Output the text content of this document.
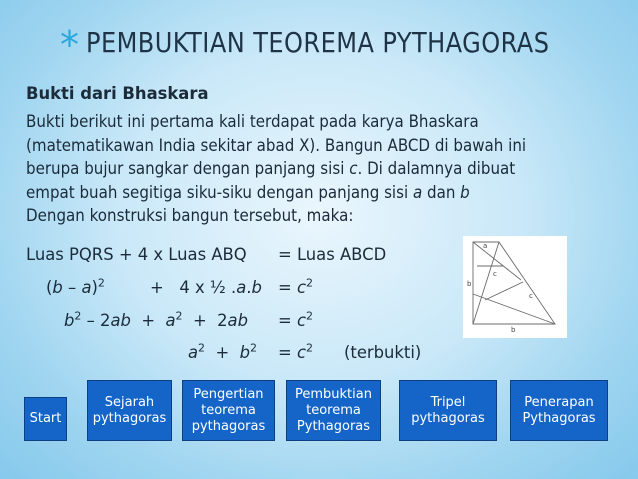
* PEMBUKTIAN TEOREMA PYTHAGORAS
Bukti dari Bhaskara
Bukti berikut ini pertama kali terdapat pada karya Bhaskara
(matematikawan India sekitar abad X). Bangun ABCD di bawah ini
berupa bujur sangkar dengan panjang sisi c. Di dalamnya dibuat
empat buah segitiga siku-siku dengan panjang sisi a dan b
Dengan konstruksi bangun tersebut, maka:
Luas PQRS + 4 x Luas ABQ = Luas ABCD
(b – a)$^2$	+   4 x ½ $.a.b = c^2$
$b^2 - 2ab + a^2 + 2ab = c^2$
$a^2 + b^2 = c^2$ (terbukti)
a
b
c
c
b
Start
Sejarah
pythagoras
Pengertian
teorema
pythagoras
Pembuktian
teorema
Pythagoras
Tripel
pythagoras
Penerapan
Pythagoras
